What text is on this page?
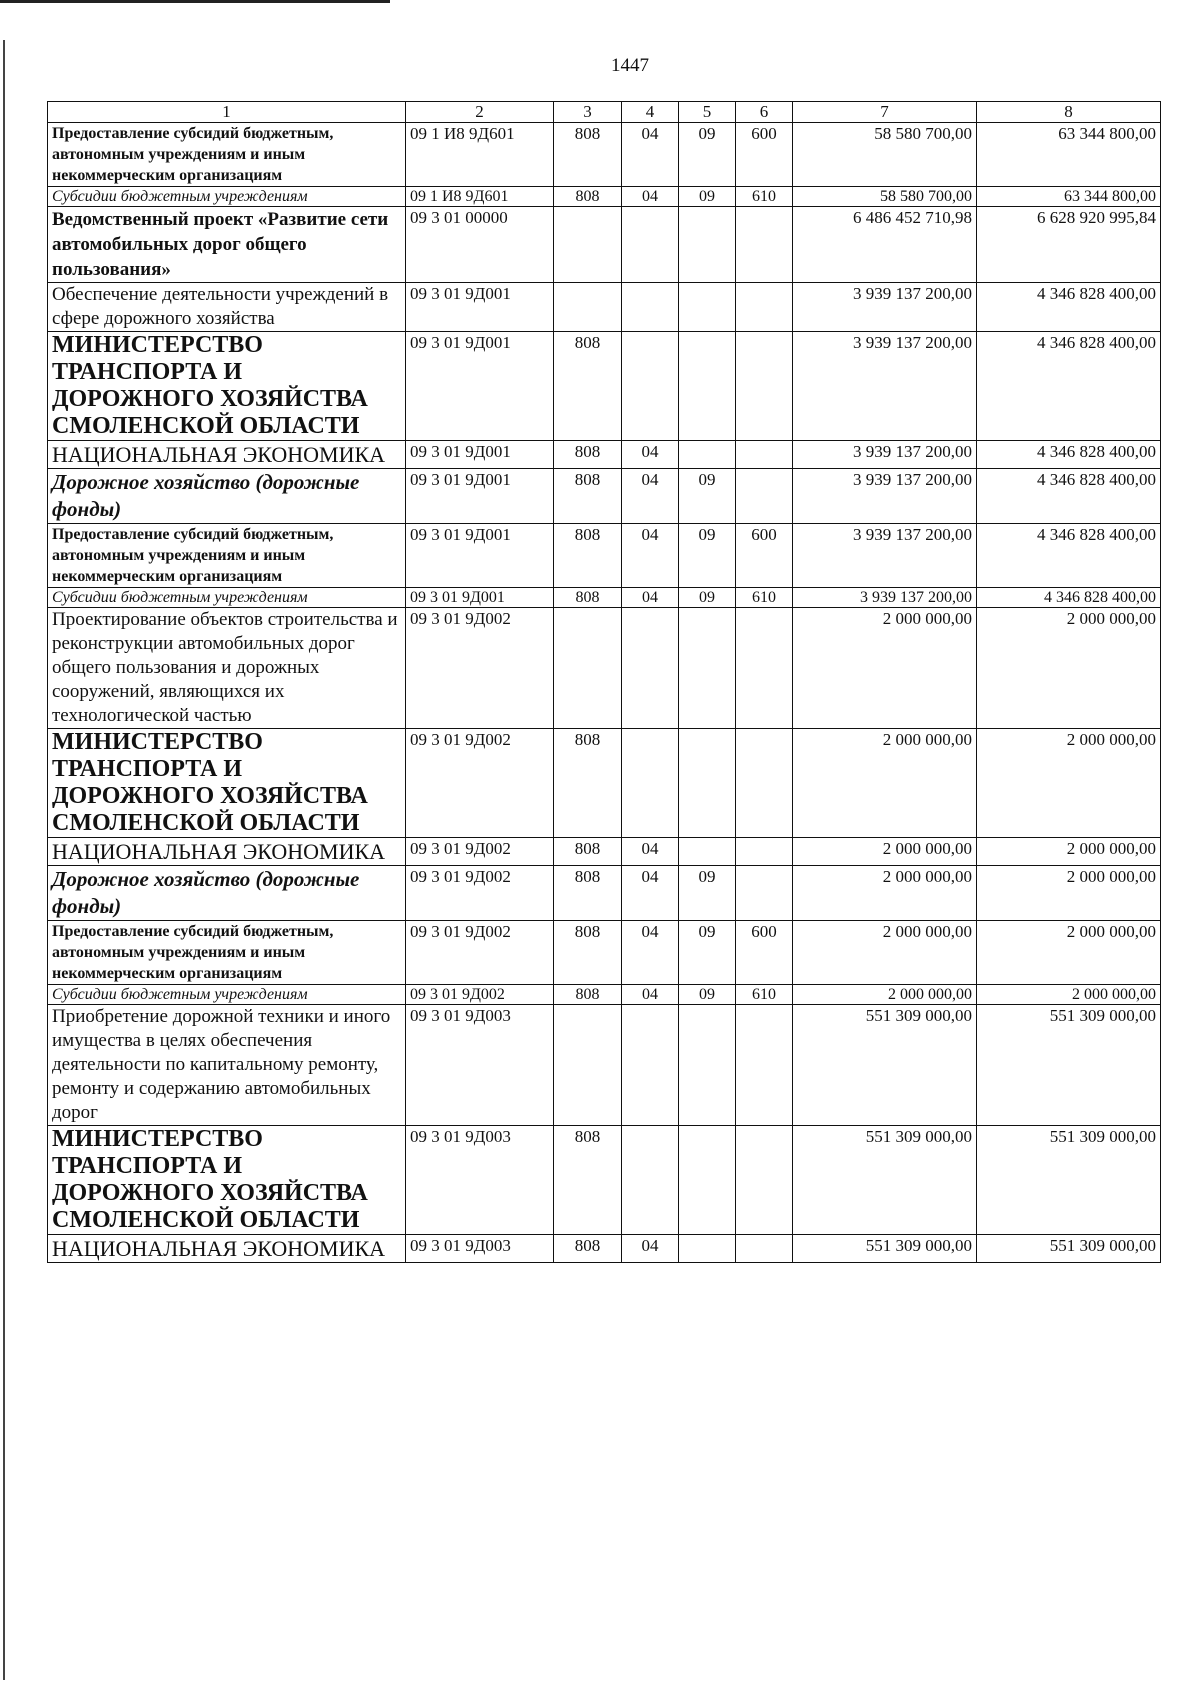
1447
1	2	3	4	5	6	7	8
Предоставление субсидий бюджетным, автономным учреждениям и иным некоммерческим организациям	09 1 И8 9Д601	808	04	09	600	58 580 700,00	63 344 800,00
Субсидии бюджетным учреждениям	09 1 И8 9Д601	808	04	09	610	58 580 700,00	63 344 800,00
Ведомственный проект «Развитие сети автомобильных дорог общего пользования»	09 3 01 00000					6 486 452 710,98	6 628 920 995,84
Обеспечение деятельности учреждений в сфере дорожного хозяйства	09 3 01 9Д001					3 939 137 200,00	4 346 828 400,00
МИНИСТЕРСТВО ТРАНСПОРТА И ДОРОЖНОГО ХОЗЯЙСТВА СМОЛЕНСКОЙ ОБЛАСТИ	09 3 01 9Д001	808				3 939 137 200,00	4 346 828 400,00
НАЦИОНАЛЬНАЯ ЭКОНОМИКА	09 3 01 9Д001	808	04			3 939 137 200,00	4 346 828 400,00
Дорожное хозяйство (дорожные фонды)	09 3 01 9Д001	808	04	09		3 939 137 200,00	4 346 828 400,00
Предоставление субсидий бюджетным, автономным учреждениям и иным некоммерческим организациям	09 3 01 9Д001	808	04	09	600	3 939 137 200,00	4 346 828 400,00
Субсидии бюджетным учреждениям	09 3 01 9Д001	808	04	09	610	3 939 137 200,00	4 346 828 400,00
Проектирование объектов строительства и реконструкции автомобильных дорог общего пользования и дорожных сооружений, являющихся их технологической частью	09 3 01 9Д002					2 000 000,00	2 000 000,00
МИНИСТЕРСТВО ТРАНСПОРТА И ДОРОЖНОГО ХОЗЯЙСТВА СМОЛЕНСКОЙ ОБЛАСТИ	09 3 01 9Д002	808				2 000 000,00	2 000 000,00
НАЦИОНАЛЬНАЯ ЭКОНОМИКА	09 3 01 9Д002	808	04			2 000 000,00	2 000 000,00
Дорожное хозяйство (дорожные фонды)	09 3 01 9Д002	808	04	09		2 000 000,00	2 000 000,00
Предоставление субсидий бюджетным, автономным учреждениям и иным некоммерческим организациям	09 3 01 9Д002	808	04	09	600	2 000 000,00	2 000 000,00
Субсидии бюджетным учреждениям	09 3 01 9Д002	808	04	09	610	2 000 000,00	2 000 000,00
Приобретение дорожной техники и иного имущества в целях обеспечения деятельности по капитальному ремонту, ремонту и содержанию автомобильных дорог	09 3 01 9Д003					551 309 000,00	551 309 000,00
МИНИСТЕРСТВО ТРАНСПОРТА И ДОРОЖНОГО ХОЗЯЙСТВА СМОЛЕНСКОЙ ОБЛАСТИ	09 3 01 9Д003	808				551 309 000,00	551 309 000,00
НАЦИОНАЛЬНАЯ ЭКОНОМИКА	09 3 01 9Д003	808	04			551 309 000,00	551 309 000,00
